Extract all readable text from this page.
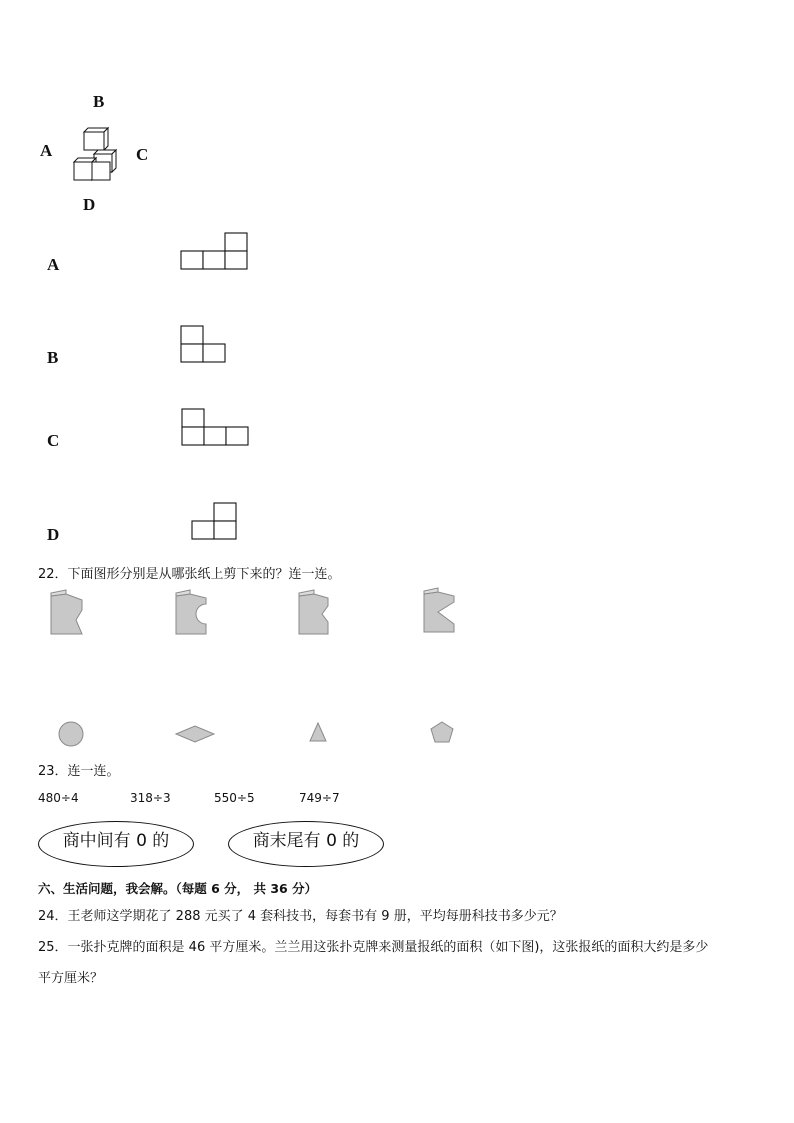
B
A	C
D
A
B
C
D
22．下面图形分别是从哪张纸上剪下来的？连一连。
23．连一连。
480÷4	318÷3	550÷5	749÷7
商中间有 0 的	商末尾有 0 的
六、生活问题，我会解。（每题 6 分， 共 36 分）
24．王老师这学期花了 288 元买了 4 套科技书，每套书有 9 册，平均每册科技书多少元？
25．一张扑克牌的面积是 46 平方厘米。兰兰用这张扑克牌来测量报纸的面积（如下图)，这张报纸的面积大约是多少
平方厘米？
